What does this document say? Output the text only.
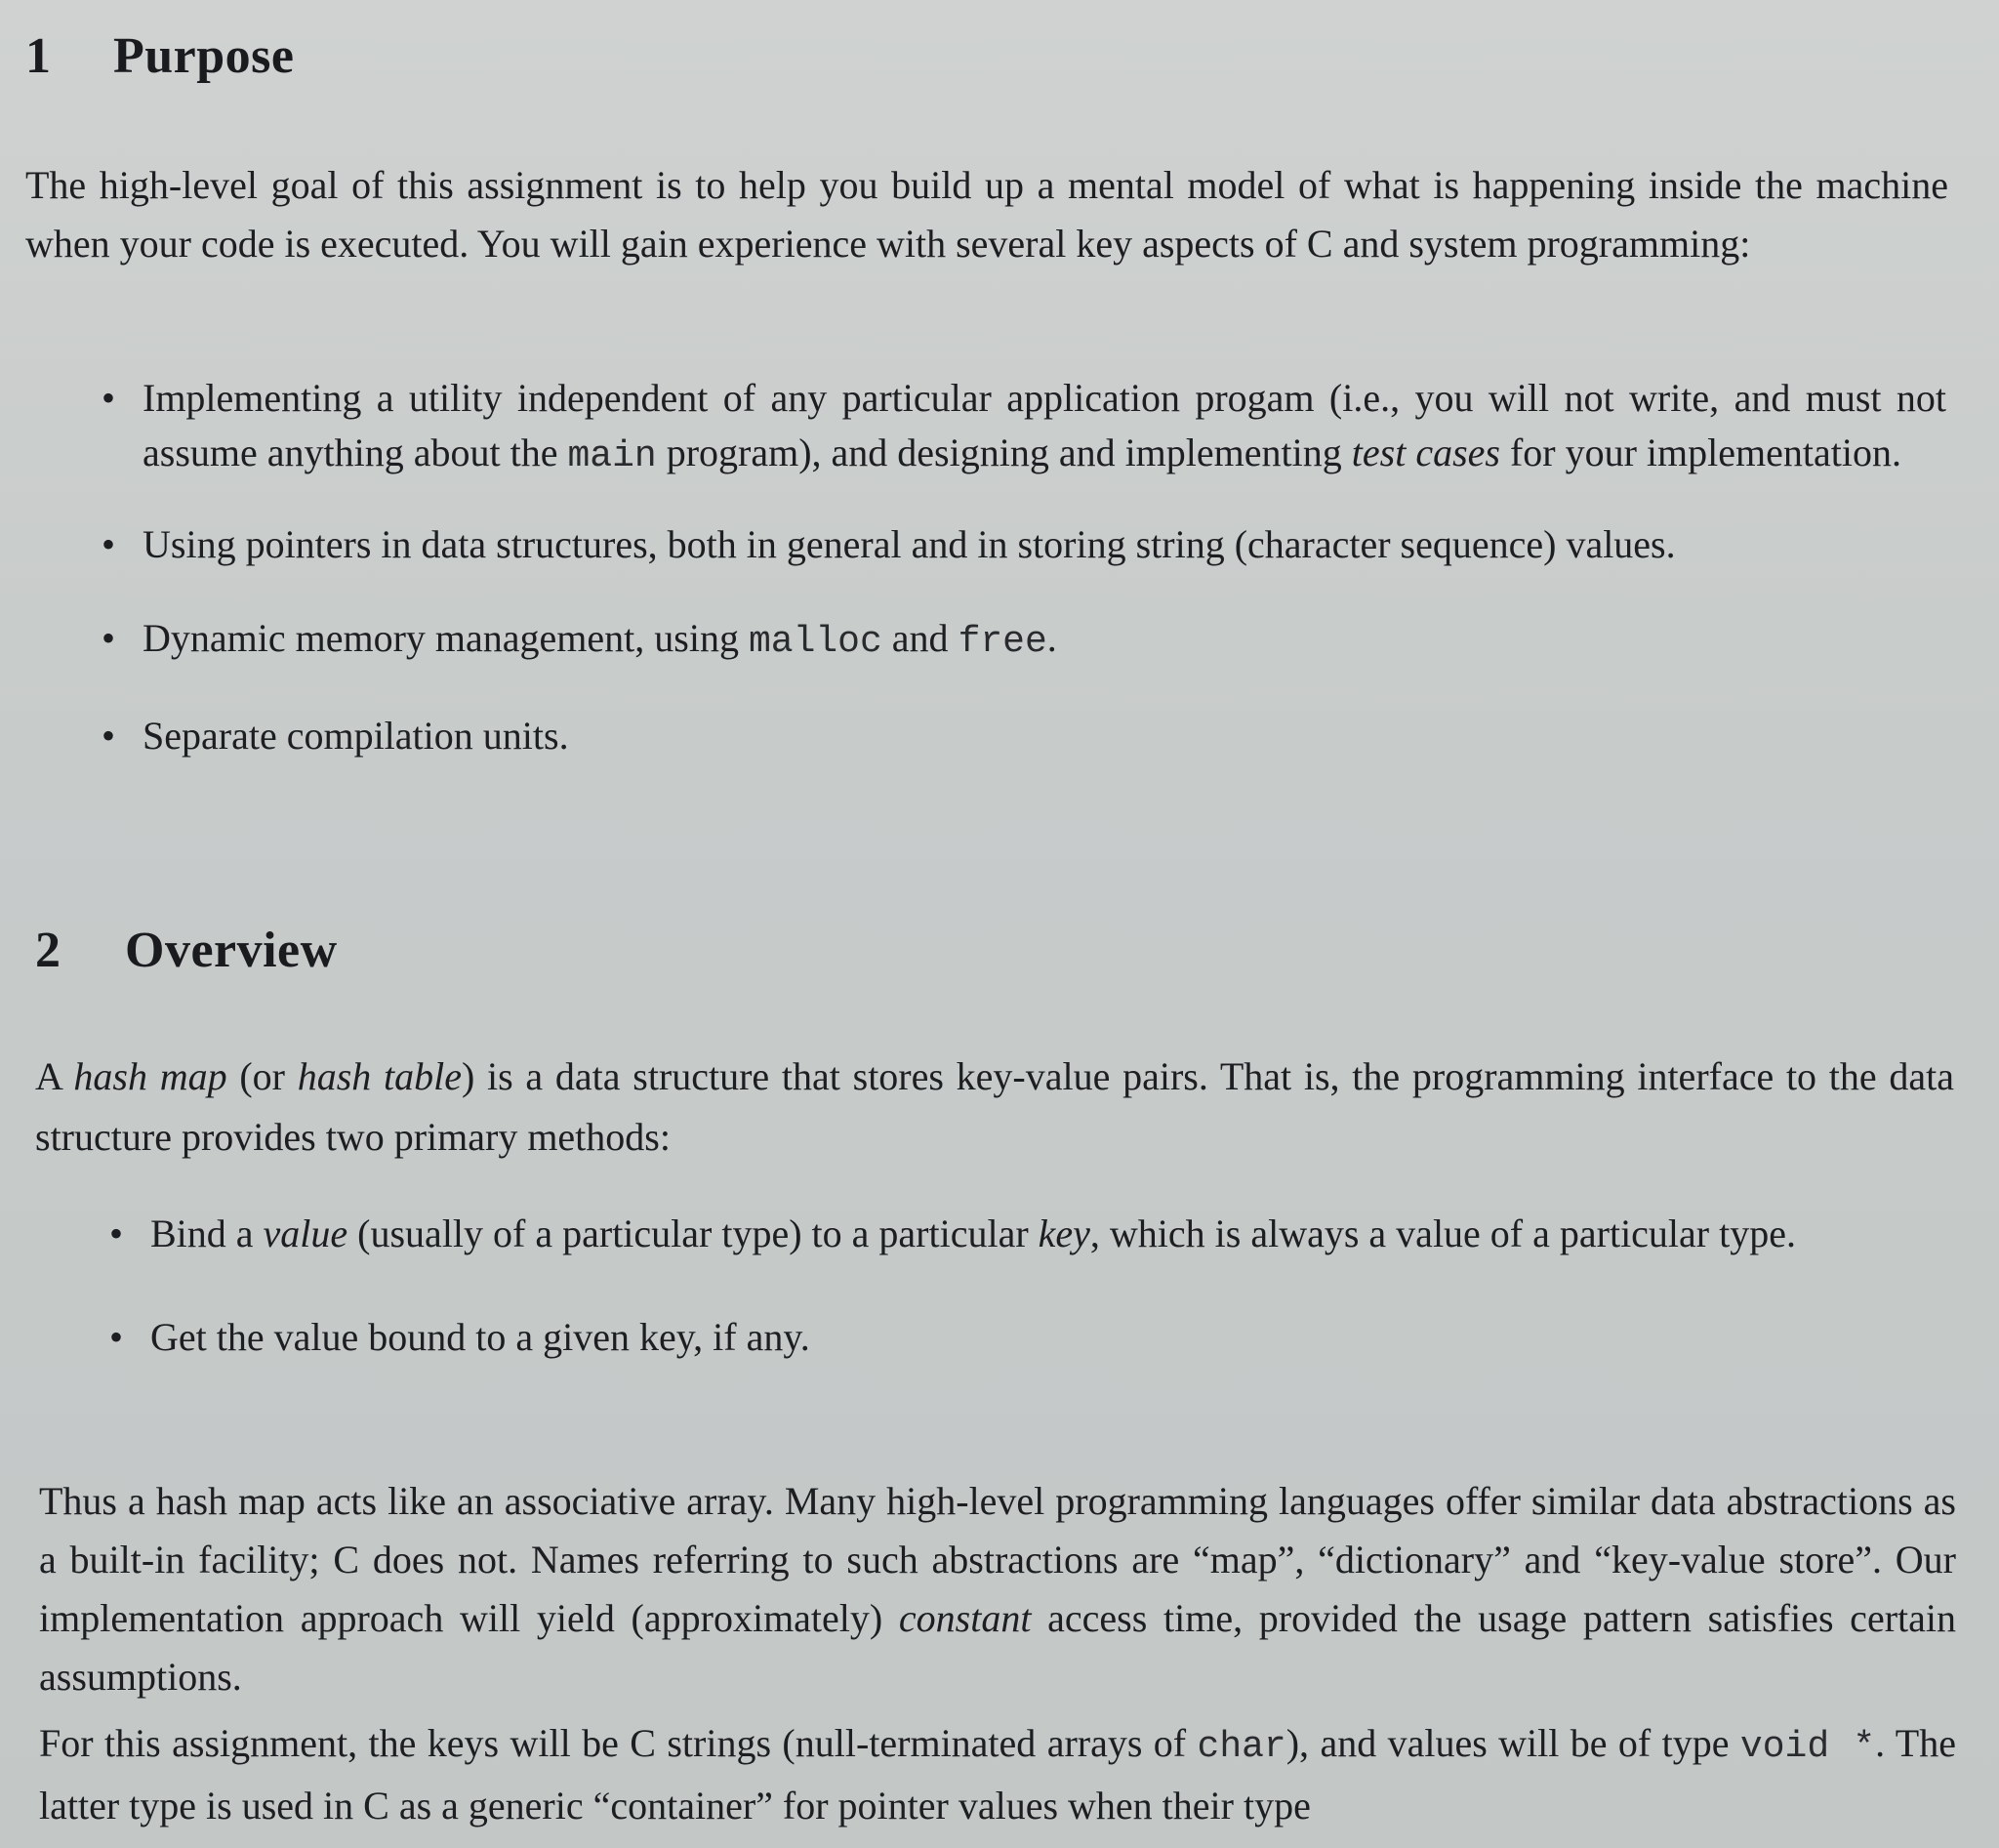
1 Purpose

The high-level goal of this assignment is to help you build up a mental model of what is happening inside the machine when your code is executed. You will gain experience with several key aspects of C and system programming:

• Implementing a utility independent of any particular application progam (i.e., you will not write, and must not assume anything about the main program), and designing and implementing test cases for your implementation.
• Using pointers in data structures, both in general and in storing string (character sequence) values.
• Dynamic memory management, using malloc and free.
• Separate compilation units.
2 Overview

A hash map (or hash table) is a data structure that stores key-value pairs. That is, the programming interface to the data structure provides two primary methods:

• Bind a value (usually of a particular type) to a particular key, which is always a value of a particular type.
• Get the value bound to a given key, if any.

Thus a hash map acts like an associative array. Many high-level programming languages offer similar data abstractions as a built-in facility; C does not. Names referring to such abstractions are “map”, “dictionary” and “key-value store”. Our implementation approach will yield (approximately) constant access time, provided the usage pattern satisfies certain assumptions.

For this assignment, the keys will be C strings (null-terminated arrays of char), and values will be of type void *. The latter type is used in C as a generic “container” for pointer values when their type
